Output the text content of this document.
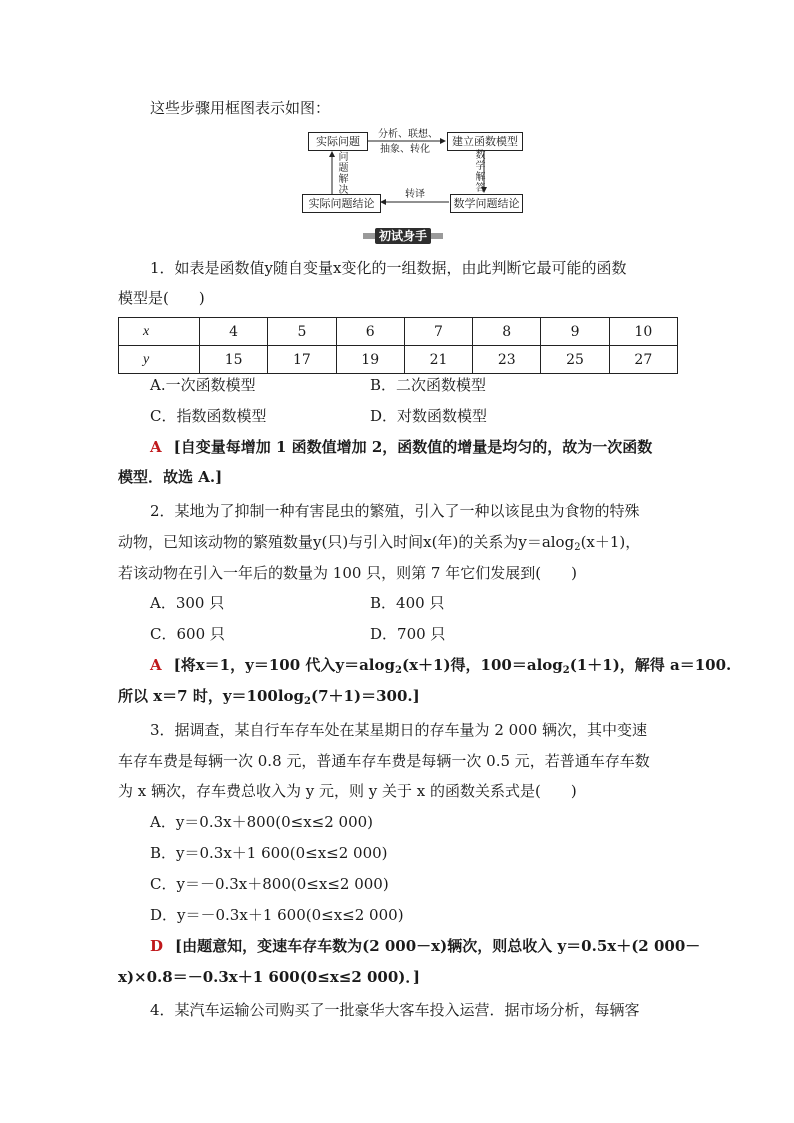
这些步骤用框图表示如图：
实际问题	建立函数模型
实际问题结论	数学问题结论
分析、联想、
抽象、转化
数学解答
转译
问题解决
初试身手
1．如表是函数值y随自变量x变化的一组数据，由此判断它最可能的函数
模型是(　　)
x	4	5	6	7	8	9	10
y	15	17	19	21	23	25	27
A.一次函数模型	B．二次函数模型
C．指数函数模型	D．对数函数模型
A [自变量每增加 1 函数值增加 2，函数值的增量是均匀的，故为一次函数
模型．故选 A.]
2．某地为了抑制一种有害昆虫的繁殖，引入了一种以该昆虫为食物的特殊
动物，已知该动物的繁殖数量y(只)与引入时间x(年)的关系为y＝alog$_2$(x＋1)，
若该动物在引入一年后的数量为 100 只，则第 7 年它们发展到(　　)
A．300 只	B．400 只
C．600 只	D．700 只
A [将x＝1，y＝100 代入y＝alog$_2$(x＋1)得，100＝alog$_2$(1＋1)，解得 a＝100.
所以 x＝7 时，$y=100\log_2(7+1)=300$.]
3．据调查，某自行车存车处在某星期日的存车量为 2 000 辆次，其中变速
车存车费是每辆一次 0.8 元，普通车存车费是每辆一次 0.5 元，若普通车存车数
为 x 辆次，存车费总收入为 y 元，则 y 关于 x 的函数关系式是(　　)
A．y＝0.3x＋800(0≤x≤2 000)
B．y＝0.3x＋1 600(0≤x≤2 000)
C．y＝－0.3x＋800(0≤x≤2 000)
D．y＝－0.3x＋1 600(0≤x≤2 000)
D [由题意知，变速车存车数为(2 000－x)辆次，则总收入 y＝0.5x＋(2 000－
x)×0.8＝－0.3x＋1 600(0≤x≤2 000)．]
4．某汽车运输公司购买了一批豪华大客车投入运营．据市场分析，每辆客
